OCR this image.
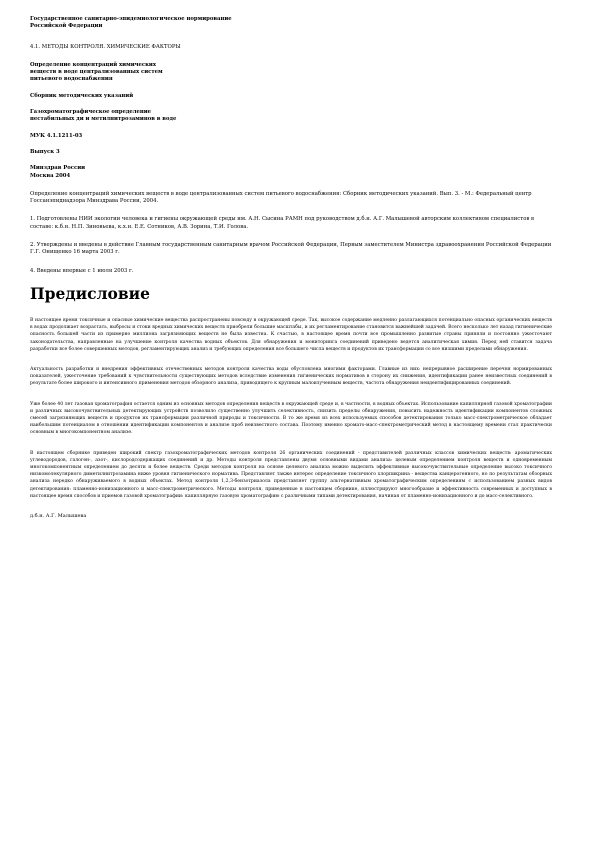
Государственное санитарно-эпидемиологическое нормирование

Российской Федерации

4.1. МЕТОДЫ КОНТРОЛЯ. ХИМИЧЕСКИЕ ФАКТОРЫ

Определение концентраций химических

веществ в воде централизованных систем

питьевого водоснабжения

Сборник методических указаний

Газохроматографическое определение

нестабильных ди и метилнитрозаминов в воде

МУК 4.1.1211-03

Выпуск 3

Минздрав России

Москва 2004

Определение концентраций химических веществ в воде централизованных систем питьевого водоснабжения: Сборник методических указаний. Вып. 3. - М.: Федеральный центр Госсанэпиднадзора Минздрава России, 2004.

1. Подготовлены НИИ экологии человека и гигиены окружающей среды им. А.Н. Сысина РАМН под руководством д.б.н. А.Г. Малышевой авторским коллективом специалистов в составе: к.б.н. Н.П. Зиновьева, к.х.н. Е.Е. Сотников, А.В. Зорина, Т.И. Голова.

2. Утверждены и введены в действие Главным государственным санитарным врачом Российской Федерации, Первым заместителем Министра здравоохранения Российской Федерации Г.Г. Онищенко 16 марта 2003 г.

4. Введены впервые с 1 июля 2003 г.

Предисловие

В настоящее время токсичные и опасные химические вещества распространены повсюду в окружающей среде. Так, высокое содержание медленно разлагающихся потенциально опасных органических веществ в водах продолжает возрастать, выбросы и стоки вредных химических веществ приобрели большие масштабы, и их регламентирование становится важнейшей задачей. Всего несколько лет назад гигиенические опасность большей части из примерно миллиона загрязняющих веществ не была известна. К счастью, в настоящее время почти все промышленно развитые страны приняли и постоянно ужесточают законодательства, направленные на улучшение контроля качества водных объектов. Для обнаружения и мониторинга соединений приведено ведется аналитическая химия. Перед ней ставится задача разработки все более совершенных методов, регламентирующих анализ и требующих определения все большего числа веществ и продуктов их трансформации со все низшими пределами обнаружения.

Актуальность разработки и внедрения эффективных отечественных методов контроля качества воды обусловлена многими факторами. Главные из них: непрерывное расширение перечня нормированных показателей, ужесточение требований к чувствительности существующих методов вследствие изменения гигиенических нормативов в сторону их снижения, идентификации ранее неизвестных соединений в результате более широкого и интенсивного применения методов обзорного анализа, приводящего к крупным малоизученным веществ, частота обнаружения неидентифицированных соединений.

Уже более 40 лет газовая хроматография остается одним из основных методов определения веществ в окружающей среде и, в частности, в водных объектах. Использование капиллярной газовой хроматографии и различных высокочувствительных детектирующих устройств позволило существенно улучшить селективность, снизить пределы обнаружения, повысить надежность идентификации компонентов сложных смесей загрязняющих веществ и продуктов их трансформации различной природы и токсичности. В то же время из всех используемых способов детектирования только масс-спектрометрическое обладает наибольшим потенциалом в отношении идентификации компонентов и анализе проб неизвестного состава. Поэтому именно хромато-масс-спектрометрический метод в настоящему времени стал практически основным в многокомпонентном анализе.

В настоящем сборнике приведен широкий спектр газохроматографических методов контроля 26 органических соединений - представителей различных классов химических веществ: ароматических углеводородов, галоген-, азот-, кислородсодержащих соединений и др. Методы контроля представлены двумя основными видами анализа: целевым определением контроля веществ и одновременным многокомпонентным определением до десяти и более веществ. Среди методов контроля на основе целевого анализа можно выделить эффективные высокочувствительные определение высоко токсичного низкомолекулярного диметилнитрозамина ниже уровня гигиенического норматива. Представляет также интерес определение токсичного хлорпикрина - вещества канцерогенного, но по результатам обзорных анализа нередко обнаруживаемого в водных объектах. Метод контроля 1,2,3-бензотриазола представляет группу альтернативным хроматографическим определениям с использованием разных видов детектирования: пламенно-ионизационного и масс-спектрометрического. Методы контроля, приведенные в настоящем сборнике, иллюстрируют многообразие и эффективность современных и доступных в настоящее время способов и приемов газовой хроматографии: капиллярную газовую хроматографию с различными типами детектирования, начиная от пламенно-ионизационного и до масс-селективного.

д.б.н. А.Г. Малышева
